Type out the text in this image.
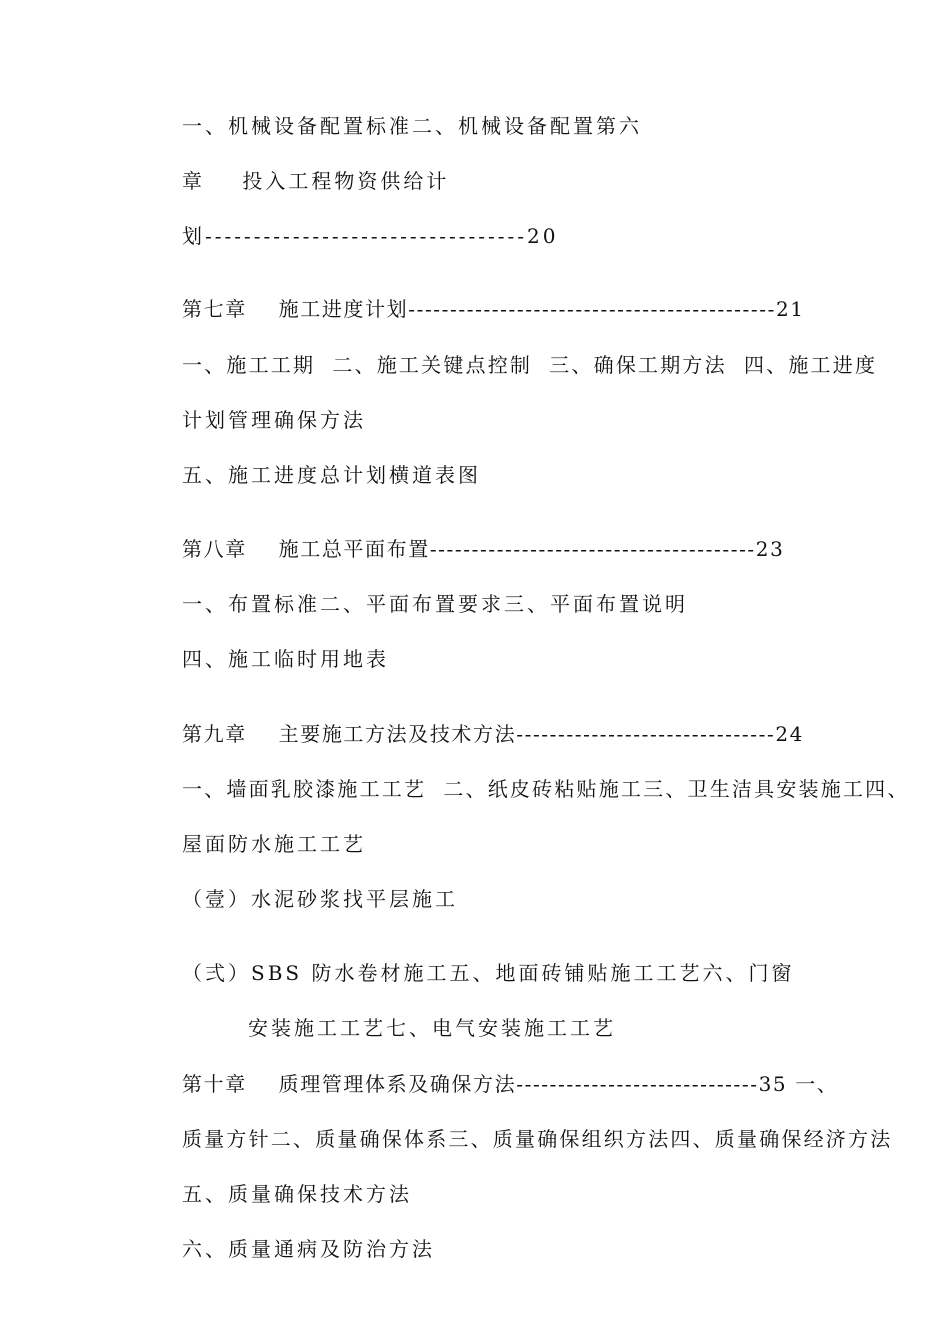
一、机械设备配置标准二、机械设备配置第六
章    投入工程物资供给计
划---------------------------------20
第七章    施工进度计划--------------------------------------------21
一、施工工期  二、施工关键点控制  三、确保工期方法  四、施工进度
计划管理确保方法
五、施工进度总计划横道表图
第八章    施工总平面布置---------------------------------------23
一、布置标准二、平面布置要求三、平面布置说明
四、施工临时用地表
第九章    主要施工方法及技术方法-------------------------------24
一、墙面乳胶漆施工工艺  二、纸皮砖粘贴施工三、卫生洁具安装施工四、
屋面防水施工工艺
（壹）水泥砂浆找平层施工
（弍）SBS 防水卷材施工五、地面砖铺贴施工工艺六、门窗
安装施工工艺七、电气安装施工工艺
第十章    质理管理体系及确保方法-----------------------------35 一、
质量方针二、质量确保体系三、质量确保组织方法四、质量确保经济方法
五、质量确保技术方法
六、质量通病及防治方法
